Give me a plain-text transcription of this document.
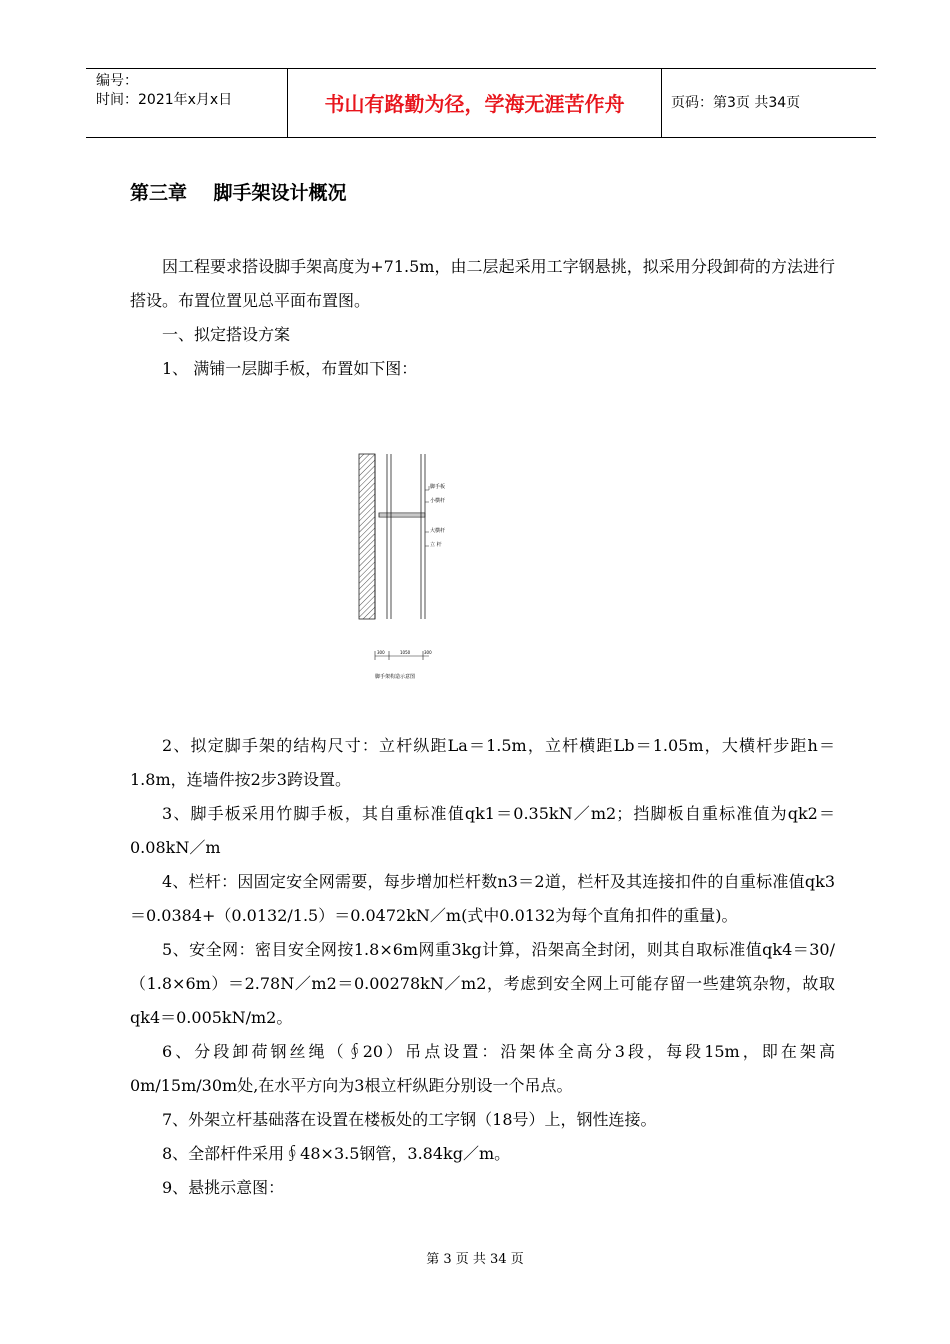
编号：
时间：2021年x月x日	书山有路勤为径，学海无涯苦作舟	页码：第3页 共34页
第三章    脚手架设计概况

因工程要求搭设脚手架高度为+71.5m，由二层起采用工字钢悬挑，拟采用分段卸荷的方法进行搭设。布置位置见总平面布置图。

一、拟定搭设方案

1、 满铺一层脚手板，布置如下图：

脚手板
小横杆
大横杆
立 杆
300	1050	300
脚手架构造示意图

2、拟定脚手架的结构尺寸：立杆纵距La＝1.5m，立杆横距Lb＝1.05m，大横杆步距h＝1.8m，连墙件按2步3跨设置。

3、脚手板采用竹脚手板，其自重标准值qk1＝0.35kN／m2；挡脚板自重标准值为qk2＝0.08kN／m

4、栏杆：因固定安全网需要，每步增加栏杆数n3＝2道，栏杆及其连接扣件的自重标准值qk3＝0.0384+（0.0132/1.5）＝0.0472kN／m(式中0.0132为每个直角扣件的重量)。

5、安全网：密目安全网按1.8×6m网重3kg计算，沿架高全封闭，则其自取标准值qk4＝30/（1.8×6m）＝2.78N／m2＝0.00278kN／m2，考虑到安全网上可能存留一些建筑杂物，故取qk4＝0.005kN/m2。

6、分段卸荷钢丝绳（∮20）吊点设置：沿架体全高分3段，每段15m，即在架高0m/15m/30m处,在水平方向为3根立杆纵距分别设一个吊点。

7、外架立杆基础落在设置在楼板处的工字钢（18号）上，钢性连接。

8、全部杆件采用∮48×3.5钢管，3.84kg／m。

9、悬挑示意图：

第 3 页 共 34 页
